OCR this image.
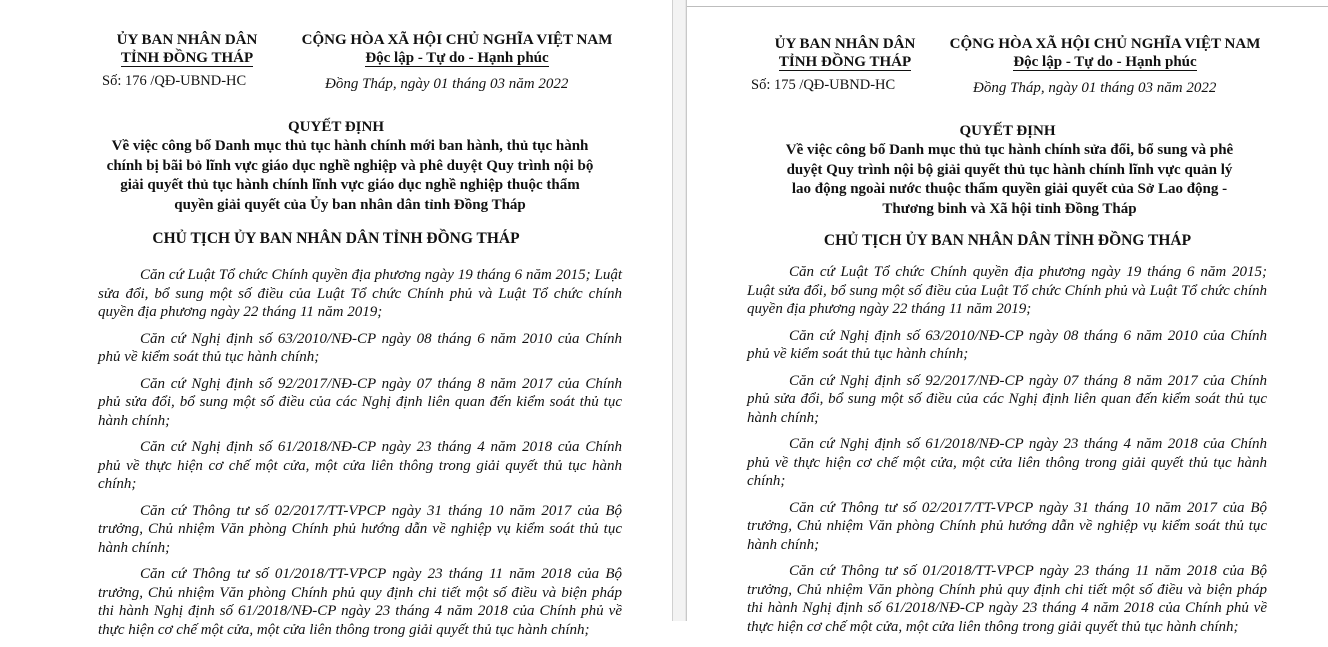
ỦY BAN NHÂN DÂN
TỈNH ĐỒNG THÁP
Số: 176 /QĐ-UBND-HC
CỘNG HÒA XÃ HỘI CHỦ NGHĨA VIỆT NAM
Độc lập - Tự do - Hạnh phúc
Đồng Tháp, ngày 01 tháng 03 năm 2022
QUYẾT ĐỊNH
Về việc công bố Danh mục thủ tục hành chính mới ban hành, thủ tục hành
chính bị bãi bỏ lĩnh vực giáo dục nghề nghiệp và phê duyệt Quy trình nội bộ
giải quyết thủ tục hành chính lĩnh vực giáo dục nghề nghiệp thuộc thẩm
quyền giải quyết của Ủy ban nhân dân tỉnh Đồng Tháp
CHỦ TỊCH ỦY BAN NHÂN DÂN TỈNH ĐỒNG THÁP

Căn cứ Luật Tổ chức Chính quyền địa phương ngày 19 tháng 6 năm 2015; Luật sửa đổi, bổ sung một số điều của Luật Tổ chức Chính phủ và Luật Tổ chức chính quyền địa phương ngày 22 tháng 11 năm 2019;

Căn cứ Nghị định số 63/2010/NĐ-CP ngày 08 tháng 6 năm 2010 của Chính phủ về kiểm soát thủ tục hành chính;

Căn cứ Nghị định số 92/2017/NĐ-CP ngày 07 tháng 8 năm 2017 của Chính phủ sửa đổi, bổ sung một số điều của các Nghị định liên quan đến kiểm soát thủ tục hành chính;

Căn cứ Nghị định số 61/2018/NĐ-CP ngày 23 tháng 4 năm 2018 của Chính phủ về thực hiện cơ chế một cửa, một cửa liên thông trong giải quyết thủ tục hành chính;

Căn cứ Thông tư số 02/2017/TT-VPCP ngày 31 tháng 10 năm 2017 của Bộ trưởng, Chủ nhiệm Văn phòng Chính phủ hướng dẫn về nghiệp vụ kiểm soát thủ tục hành chính;

Căn cứ Thông tư số 01/2018/TT-VPCP ngày 23 tháng 11 năm 2018 của Bộ trưởng, Chủ nhiệm Văn phòng Chính phủ quy định chi tiết một số điều và biện pháp thi hành Nghị định số 61/2018/NĐ-CP ngày 23 tháng 4 năm 2018 của Chính phủ về thực hiện cơ chế một cửa, một cửa liên thông trong giải quyết thủ tục hành chính;

ỦY BAN NHÂN DÂN
TỈNH ĐỒNG THÁP
Số: 175 /QĐ-UBND-HC
CỘNG HÒA XÃ HỘI CHỦ NGHĨA VIỆT NAM
Độc lập - Tự do - Hạnh phúc
Đồng Tháp, ngày 01 tháng 03 năm 2022
QUYẾT ĐỊNH
Về việc công bố Danh mục thủ tục hành chính sửa đổi, bổ sung và phê
duyệt Quy trình nội bộ giải quyết thủ tục hành chính lĩnh vực quản lý
lao động ngoài nước thuộc thẩm quyền giải quyết của Sở Lao động -
Thương binh và Xã hội tỉnh Đồng Tháp
CHỦ TỊCH ỦY BAN NHÂN DÂN TỈNH ĐỒNG THÁP

Căn cứ Luật Tổ chức Chính quyền địa phương ngày 19 tháng 6 năm 2015; Luật sửa đổi, bổ sung một số điều của Luật Tổ chức Chính phủ và Luật Tổ chức chính quyền địa phương ngày 22 tháng 11 năm 2019;

Căn cứ Nghị định số 63/2010/NĐ-CP ngày 08 tháng 6 năm 2010 của Chính phủ về kiểm soát thủ tục hành chính;

Căn cứ Nghị định số 92/2017/NĐ-CP ngày 07 tháng 8 năm 2017 của Chính phủ sửa đổi, bổ sung một số điều của các Nghị định liên quan đến kiểm soát thủ tục hành chính;

Căn cứ Nghị định số 61/2018/NĐ-CP ngày 23 tháng 4 năm 2018 của Chính phủ về thực hiện cơ chế một cửa, một cửa liên thông trong giải quyết thủ tục hành chính;

Căn cứ Thông tư số 02/2017/TT-VPCP ngày 31 tháng 10 năm 2017 của Bộ trưởng, Chủ nhiệm Văn phòng Chính phủ hướng dẫn về nghiệp vụ kiểm soát thủ tục hành chính;

Căn cứ Thông tư số 01/2018/TT-VPCP ngày 23 tháng 11 năm 2018 của Bộ trưởng, Chủ nhiệm Văn phòng Chính phủ quy định chi tiết một số điều và biện pháp thi hành Nghị định số 61/2018/NĐ-CP ngày 23 tháng 4 năm 2018 của Chính phủ về thực hiện cơ chế một cửa, một cửa liên thông trong giải quyết thủ tục hành chính;
